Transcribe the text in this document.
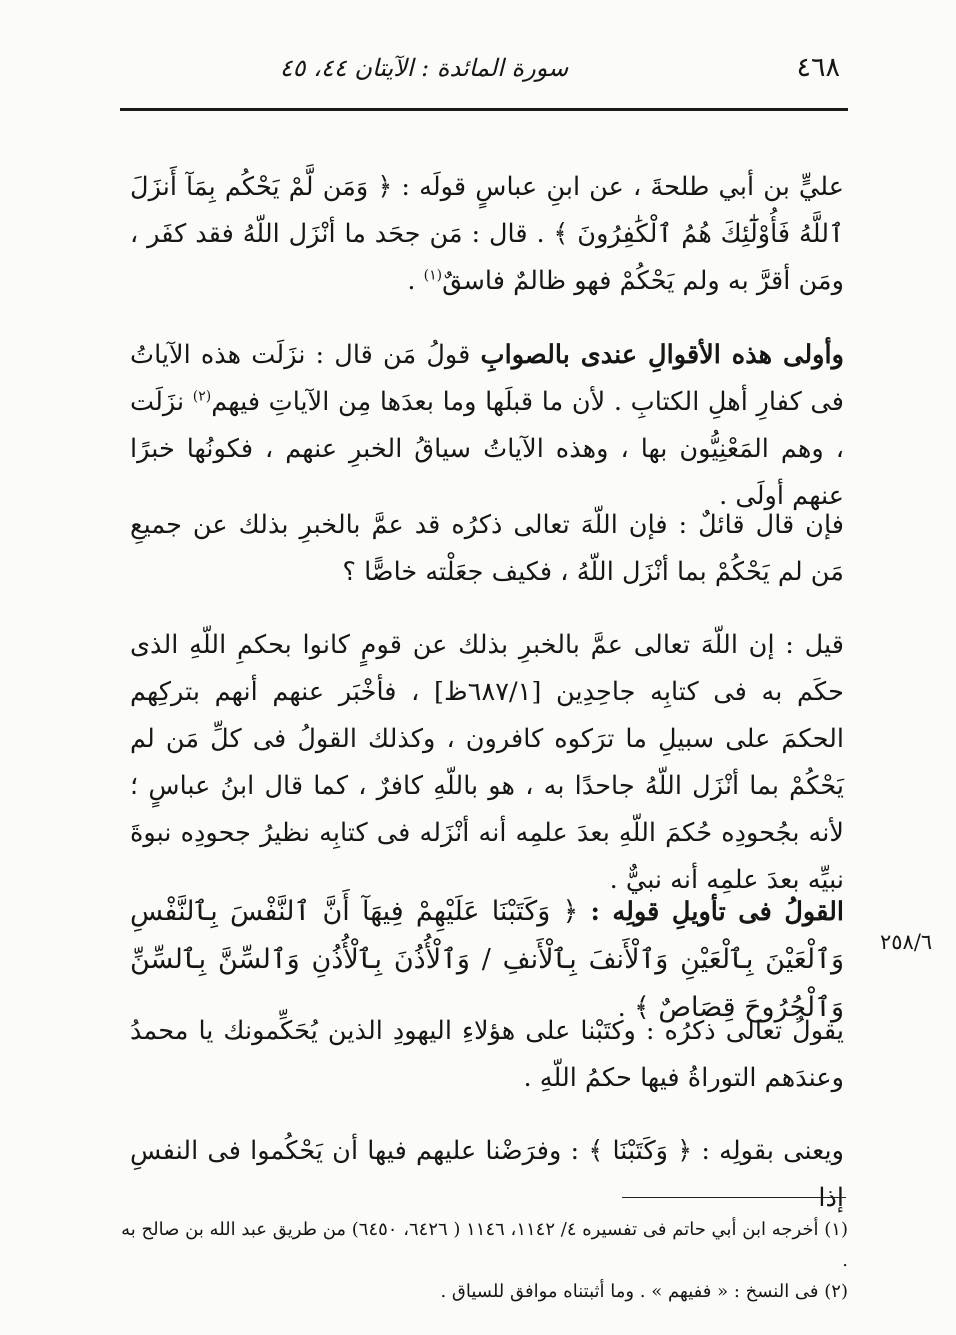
٤٦٨
سورة المائدة : الآيتان ٤٤، ٤٥

عليٍّ بن أبي طلحةَ ، عن ابنِ عباسٍ قولَه : ﴿ وَمَن لَّمْ يَحْكُم بِمَآ أَنزَلَ ٱللَّهُ فَأُوْلَٰٓئِكَ هُمُ ٱلْكَٰفِرُونَ ﴾ . قال : مَن جحَد ما أنْزَل اللّهُ فقد كفَر ، ومَن أقرَّ به ولم يَحْكُمْ فهو ظالمٌ فاسقٌ$^{(١)}$ .

وأولى هذه الأقوالِ عندى بالصوابِ قولُ مَن قال : نزَلَت هذه الآياتُ فى كفارِ أهلِ الكتابِ . لأن ما قبلَها وما بعدَها مِن الآياتِ فيهم$^{(٢)}$ نزَلَت ، وهم المَعْنِيُّون بها ، وهذه الآياتُ سياقُ الخبرِ عنهم ، فكونُها خبرًا عنهم أولَى .

فإن قال قائلٌ : فإن اللّهَ تعالى ذكرُه قد عمَّ بالخبرِ بذلك عن جميعِ مَن لم يَحْكُمْ بما أنْزَل اللّهُ ، فكيف جعَلْته خاصًّا ؟

قيل : إن اللّهَ تعالى عمَّ بالخبرِ بذلك عن قومٍ كانوا بحكمِ اللّهِ الذى حكَم به فى كتابِه جاحِدِين [٦٨٧/١ظ] ، فأخْبَر عنهم أنهم بتركِهم الحكمَ على سبيلِ ما ترَكوه كافرون ، وكذلك القولُ فى كلِّ مَن لم يَحْكُمْ بما أنْزَل اللّهُ جاحدًا به ، هو باللّهِ كافرٌ ، كما قال ابنُ عباسٍ ؛ لأنه بجُحودِه حُكمَ اللّهِ بعدَ علمِه أنه أنْزَله فى كتابِه نظيرُ جحودِه نبوةَ نبيِّه بعدَ علمِه أنه نبيٌّ .

القولُ فى تأويلِ قولِه : ﴿ وَكَتَبْنَا عَلَيْهِمْ فِيهَآ أَنَّ ٱلنَّفْسَ بِٱلنَّفْسِ وَٱلْعَيْنَ بِٱلْعَيْنِ وَٱلْأَنفَ بِٱلْأَنفِ / وَٱلْأُذُنَ بِٱلْأُذُنِ وَٱلسِّنَّ بِٱلسِّنِّ وَٱلْجُرُوحَ قِصَاصٌ ﴾ .

٢٥٨/٦

يقولُ تعالى ذكرُه : وكتَبْنا على هؤلاءِ اليهودِ الذين يُحَكِّمونك يا محمدُ وعندَهم التوراةُ فيها حكمُ اللّهِ .

ويعنى بقولِه : ﴿ وَكَتَبْنَا ﴾ : وفرَضْنا عليهم فيها أن يَحْكُموا فى النفسِ إذا

(١) أخرجه ابن أبي حاتم فى تفسيره ٤/ ١١٤٢، ١١٤٦ ( ٦٤٢٦، ٦٤٥٠) من طريق عبد الله بن صالح به .
(٢) فى النسخ : « ففيهم » . وما أثبتناه موافق للسياق .
